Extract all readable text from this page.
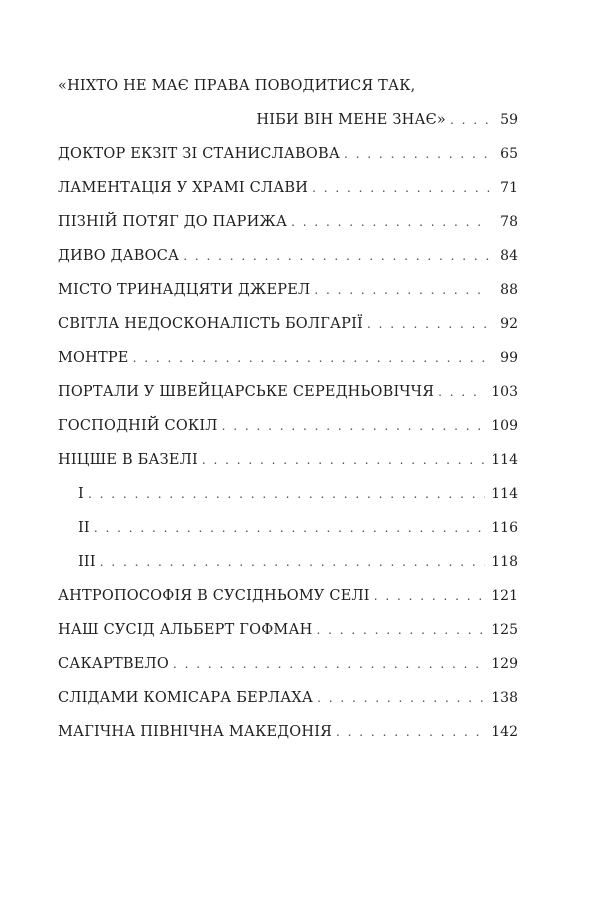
«НІХТО НЕ МАЄ ПРАВА ПОВОДИТИСЯ ТАК,
НІБИ ВІН МЕНЕ ЗНАЄ» . . .	59
ДОКТОР ЕКЗІТ ЗІ СТАНИСЛАВОВА . . .	65
ЛАМЕНТАЦІЯ У ХРАМІ СЛАВИ . . .	71
ПІЗНІЙ ПОТЯГ ДО ПАРИЖА . . .	78
ДИВО ДАВОСА . . .	84
МІСТО ТРИНАДЦЯТИ ДЖЕРЕЛ . . .	88
СВІТЛА НЕДОСКОНАЛІСТЬ БОЛГАРІЇ . . .	92
МОНТРЕ . . .	99
ПОРТАЛИ У ШВЕЙЦАРСЬКЕ СЕРЕДНЬОВІЧЧЯ . . .	103
ГОСПОДНІЙ СОКІЛ . . .	109
НІЦШЕ В БАЗЕЛІ . . .	114
I . . .	114
II . . .	116
III . . .	118
АНТРОПОСОФІЯ В СУСІДНЬОМУ СЕЛІ . . .	121
НАШ СУСІД АЛЬБЕРТ ГОФМАН . . .	125
САКАРТВЕЛО . . .	129
СЛІДАМИ КОМІСАРА БЕРЛАХА . . .	138
МАГІЧНА ПІВНІЧНА МАКЕДОНІЯ . . .	142
